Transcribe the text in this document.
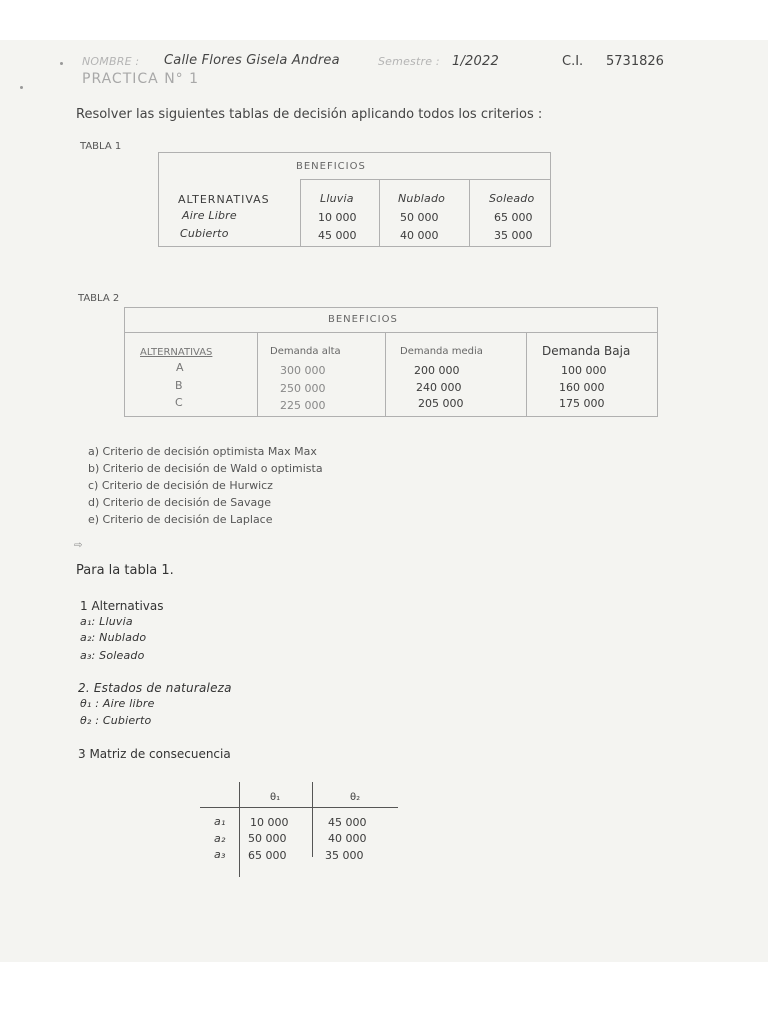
NOMBRE : Calle Flores Gisela Andrea	Semestre : 1/2022	C.I. 5731826
PRACTICA N° 1
Resolver las siguientes tablas de decisión aplicando todos los criterios :
TABLA 1
BENEFICIOS
ALTERNATIVAS	Lluvia	Nublado	Soleado
Aire Libre	10 000	50 000	65 000
Cubierto	45 000	40 000	35 000
TABLA 2
BENEFICIOS
ALTERNATIVAS	Demanda alta	Demanda media	Demanda Baja
A	300 000	200 000	100 000
B	250 000	240 000	160 000
C	225 000	205 000	175 000
a) Criterio de decisión optimista Max Max
b) Criterio de decisión de Wald o optimista
c) Criterio de decisión de Hurwicz
d) Criterio de decisión de Savage
e) Criterio de decisión de Laplace
⇨
Para la tabla 1.
1 Alternativas
a₁: Lluvia
a₂: Nublado
a₃: Soleado
2. Estados de naturaleza
θ₁ : Aire libre
θ₂ : Cubierto
3 Matriz de consecuencia
θ₁	θ₂
a₁ 10 000	45 000
a₂ 50 000	40 000
a₃ 65 000	35 000
